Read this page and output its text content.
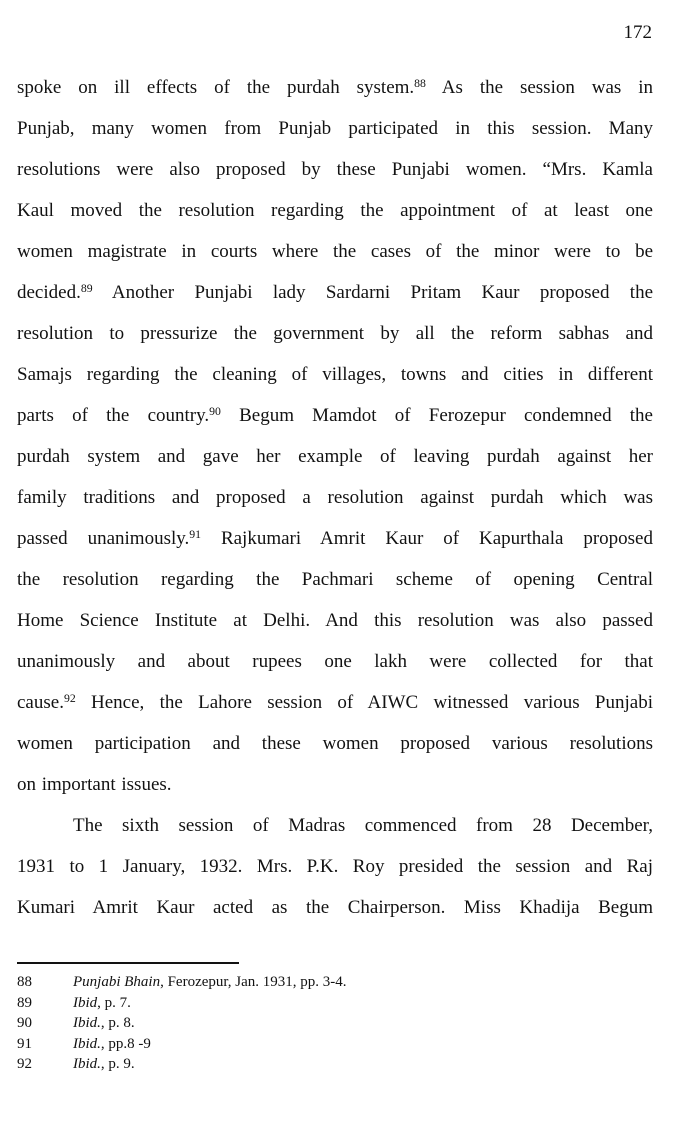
172
spoke on ill effects of the purdah system.$^{88}$ As the session was in
Punjab, many women from Punjab participated in this session. Many
resolutions were also proposed by these Punjabi women. “Mrs. Kamla
Kaul moved the resolution regarding the appointment of at least one
women magistrate in courts where the cases of the minor were to be
decided.$^{89}$ Another Punjabi lady Sardarni Pritam Kaur proposed the
resolution to pressurize the government by all the reform sabhas and
Samajs regarding the cleaning of villages, towns and cities in different
parts of the country.$^{90}$ Begum Mamdot of Ferozepur condemned the
purdah system and gave her example of leaving purdah against her
family traditions and proposed a resolution against purdah which was
passed unanimously.$^{91}$ Rajkumari Amrit Kaur of Kapurthala proposed
the resolution regarding the Pachmari scheme of opening Central
Home Science Institute at Delhi. And this resolution was also passed
unanimously and about rupees one lakh were collected for that
cause.$^{92}$ Hence, the Lahore session of AIWC witnessed various Punjabi
women participation and these women proposed various resolutions
on important issues.
The sixth session of Madras commenced from 28 December,
1931 to 1 January, 1932. Mrs. P.K. Roy presided the session and Raj
Kumari Amrit Kaur acted as the Chairperson. Miss Khadija Begum
88	Punjabi Bhain, Ferozepur, Jan. 1931, pp. 3-4.
89	Ibid, p. 7.
90	Ibid., p. 8.
91	Ibid., pp.8 -9
92	Ibid., p. 9.
